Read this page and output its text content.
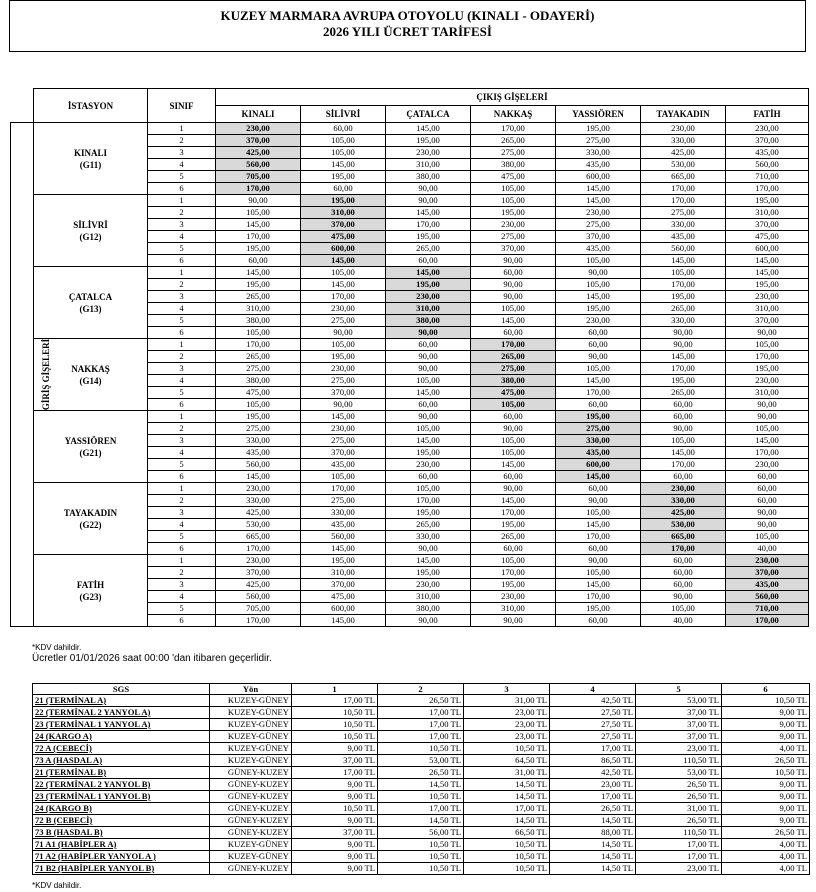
KUZEY MARMARA AVRUPA OTOYOLU (KINALI - ODAYERİ)
2026 YILI ÜCRET TARİFESİ
	İSTASYON	SINIF	ÇIKIŞ GİŞELERİ						
			KINALI	SİLİVRİ	ÇATALCA	NAKKAŞ	YASSIÖREN	TAYAKADIN	FATİH
GİRİŞ GİŞELERİ	KINALI
(G11)	1	230,00	60,00	145,00	170,00	195,00	230,00	230,00
		2	370,00	105,00	195,00	265,00	275,00	330,00	370,00
		3	425,00	105,00	230,00	275,00	330,00	425,00	435,00
		4	560,00	145,00	310,00	380,00	435,00	530,00	560,00
		5	705,00	195,00	380,00	475,00	600,00	665,00	710,00
		6	170,00	60,00	90,00	105,00	145,00	170,00	170,00

	SİLİVRİ
(G12)	1	90,00	195,00	90,00	105,00	145,00	170,00	195,00
		2	105,00	310,00	145,00	195,00	230,00	275,00	310,00
		3	145,00	370,00	170,00	230,00	275,00	330,00	370,00
		4	170,00	475,00	195,00	275,00	370,00	435,00	475,00
		5	195,00	600,00	265,00	370,00	435,00	560,00	600,00
		6	60,00	145,00	60,00	90,00	105,00	145,00	145,00

	ÇATALCA
(G13)	1	145,00	105,00	145,00	60,00	90,00	105,00	145,00
		2	195,00	145,00	195,00	90,00	105,00	170,00	195,00
		3	265,00	170,00	230,00	90,00	145,00	195,00	230,00
		4	310,00	230,00	310,00	105,00	195,00	265,00	310,00
		5	380,00	275,00	380,00	145,00	230,00	330,00	370,00
		6	105,00	90,00	90,00	60,00	60,00	90,00	90,00

	NAKKAŞ
(G14)	1	170,00	105,00	60,00	170,00	60,00	90,00	105,00
		2	265,00	195,00	90,00	265,00	90,00	145,00	170,00
		3	275,00	230,00	90,00	275,00	105,00	170,00	195,00
		4	380,00	275,00	105,00	380,00	145,00	195,00	230,00
		5	475,00	370,00	145,00	475,00	170,00	265,00	310,00
		6	105,00	90,00	60,00	105,00	60,00	60,00	90,00

	YASSIÖREN
(G21)	1	195,00	145,00	90,00	60,00	195,00	60,00	90,00
		2	275,00	230,00	105,00	90,00	275,00	90,00	105,00
		3	330,00	275,00	145,00	105,00	330,00	105,00	145,00
		4	435,00	370,00	195,00	105,00	435,00	145,00	170,00
		5	560,00	435,00	230,00	145,00	600,00	170,00	230,00
		6	145,00	105,00	60,00	60,00	145,00	60,00	60,00

	TAYAKADIN
(G22)	1	230,00	170,00	105,00	90,00	60,00	230,00	60,00
		2	330,00	275,00	170,00	145,00	90,00	330,00	60,00
		3	425,00	330,00	195,00	170,00	105,00	425,00	90,00
		4	530,00	435,00	265,00	195,00	145,00	530,00	90,00
		5	665,00	560,00	330,00	265,00	170,00	665,00	105,00
		6	170,00	145,00	90,00	60,00	60,00	170,00	40,00

	FATİH
(G23)	1	230,00	195,00	145,00	105,00	90,00	60,00	230,00
		2	370,00	310,00	195,00	170,00	105,00	60,00	370,00
		3	425,00	370,00	230,00	195,00	145,00	60,00	435,00
		4	560,00	475,00	310,00	230,00	170,00	90,00	560,00
		5	705,00	600,00	380,00	310,00	195,00	105,00	710,00
		6	170,00	145,00	90,00	90,00	60,00	40,00	170,00
*KDV dahildir.
Ücretler 01/01/2026 saat 00:00 'dan itibaren geçerlidir.
SGS	Yön	1	2	3	4	5	6
21 (TERMİNAL A)	KUZEY-GÜNEY	17,00 TL	26,50 TL	31,00 TL	42,50 TL	53,00 TL	10,50 TL
22 (TERMİNAL 2 YANYOL A)	KUZEY-GÜNEY	10,50 TL	17,00 TL	23,00 TL	27,50 TL	37,00 TL	9,00 TL
23 (TERMİNAL 1 YANYOL A)	KUZEY-GÜNEY	10,50 TL	17,00 TL	23,00 TL	27,50 TL	37,00 TL	9,00 TL
24 (KARGO A)	KUZEY-GÜNEY	10,50 TL	17,00 TL	23,00 TL	27,50 TL	37,00 TL	9,00 TL
72 A (CEBECİ)	KUZEY-GÜNEY	9,00 TL	10,50 TL	10,50 TL	17,00 TL	23,00 TL	4,00 TL
73 A (HASDAL A)	KUZEY-GÜNEY	37,00 TL	53,00 TL	64,50 TL	86,50 TL	110,50 TL	26,50 TL
21 (TERMİNAL B)	GÜNEY-KUZEY	17,00 TL	26,50 TL	31,00 TL	42,50 TL	53,00 TL	10,50 TL
22 (TERMİNAL 2 YANYOL B)	GÜNEY-KUZEY	9,00 TL	14,50 TL	14,50 TL	23,00 TL	26,50 TL	9,00 TL
23 (TERMİNAL 1 YANYOL B)	GÜNEY-KUZEY	9,00 TL	10,50 TL	14,50 TL	17,00 TL	26,50 TL	9,00 TL
24 (KARGO B)	GÜNEY-KUZEY	10,50 TL	17,00 TL	17,00 TL	26,50 TL	31,00 TL	9,00 TL
72 B (CEBECİ)	GÜNEY-KUZEY	9,00 TL	14,50 TL	14,50 TL	14,50 TL	26,50 TL	9,00 TL
73 B (HASDAL B)	GÜNEY-KUZEY	37,00 TL	56,00 TL	66,50 TL	88,00 TL	110,50 TL	26,50 TL
71 A1 (HABİPLER A)	KUZEY-GÜNEY	9,00 TL	10,50 TL	10,50 TL	14,50 TL	17,00 TL	4,00 TL
71 A2 (HABİPLER YANYOL A )	KUZEY-GÜNEY	9,00 TL	10,50 TL	10,50 TL	14,50 TL	17,00 TL	4,00 TL
71 B2 (HABİPLER YANYOL B)	GÜNEY-KUZEY	9,00 TL	10,50 TL	10,50 TL	14,50 TL	23,00 TL	4,00 TL
*KDV dahildir.
